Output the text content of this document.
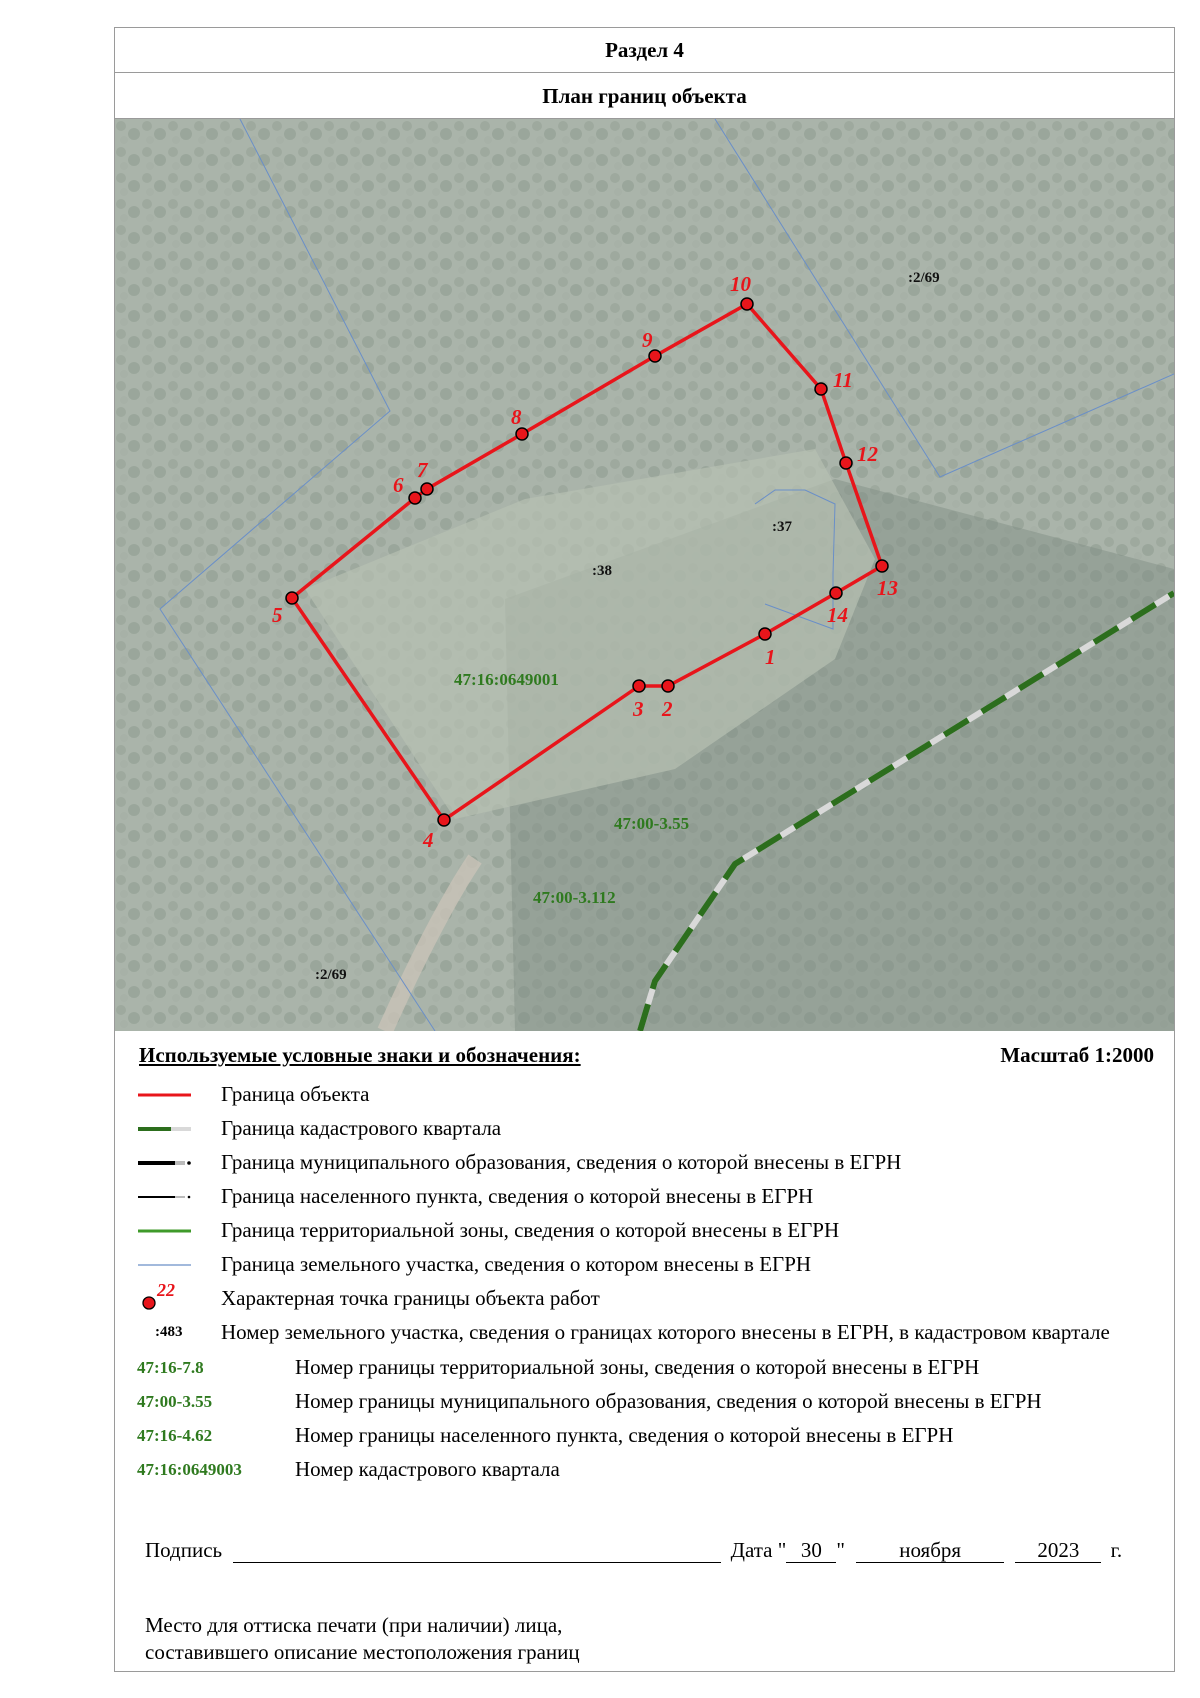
Раздел 4
План границ объекта
1
2
3
4
5
6
7
8
9
10
11
12
13
14
:2/69
:37
:38
:2/69
47:16:0649001
47:00-3.55
47:00-3.112
Используемые условные знаки и обозначения:	Масштаб 1:2000
Граница объекта
Граница кадастрового квартала
Граница муниципального образования, сведения о которой внесены в ЕГРН
Граница населенного пункта, сведения о которой внесены в ЕГРН
Граница территориальной зоны, сведения о которой внесены в ЕГРН
Граница земельного участка, сведения о котором внесены в ЕГРН
22 Характерная точка границы объекта работ
:483 Номер земельного участка, сведения о границах которого внесены в ЕГРН, в кадастровом квартале
47:16-7.8	Номер границы территориальной зоны, сведения о которой внесены в ЕГРН
47:00-3.55	Номер границы муниципального образования, сведения о которой внесены в ЕГРН
47:16-4.62	Номер границы населенного пункта, сведения о которой внесены в ЕГРН
47:16:0649003	Номер кадастрового квартала
Подпись	Дата " 30 "	ноября	2023 г.
Место для оттиска печати (при наличии) лица,
составившего описание местоположения границ
